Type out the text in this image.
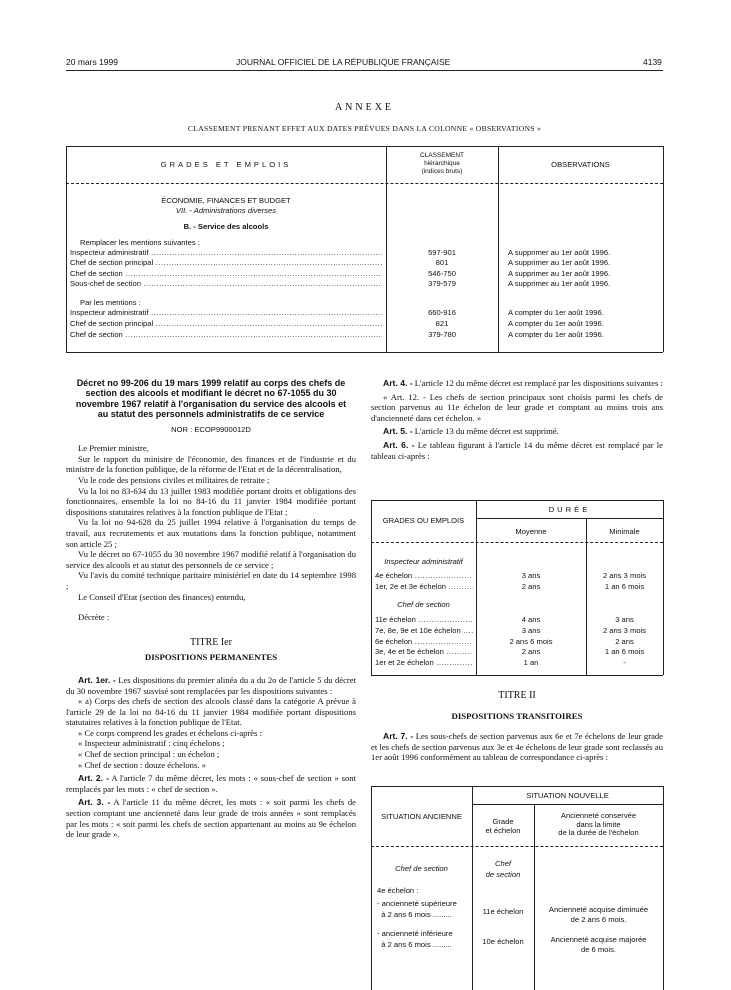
20 mars 1999	JOURNAL OFFICIEL DE LA RÉPUBLIQUE FRANÇAISE	4139
ANNEXE
CLASSEMENT PRENANT EFFET AUX DATES PRÉVUES DANS LA COLONNE « OBSERVATIONS »
GRADES ET EMPLOIS
CLASSEMENT
hiérarchique
(indices bruts)
OBSERVATIONS
ÉCONOMIE, FINANCES ET BUDGET
VII. - Administrations diverses
B. - Service des alcools
Remplacer les mentions suivantes :
Inspecteur administratif .....	597-901	A supprimer au 1er août 1996.
Chef de section principal .....	801	A supprimer au 1er août 1996.
Chef de section .....	546-750	A supprimer au 1er août 1996.
Sous-chef de section .....	379-579	A supprimer au 1er août 1996.
Par les mentions :
Inspecteur administratif .....	660-916	A compter du 1er août 1996.
Chef de section principal .....	821	A compter du 1er août 1996.
Chef de section .....	379-780	A compter du 1er août 1996.
Décret no 99-206 du 19 mars 1999 relatif au corps des chefs de section des alcools et modifiant le décret no 67-1055 du 30 novembre 1967 relatif à l'organisation du service des alcools et au statut des personnels administratifs de ce service
NOR : ECOP9900012D

Le Premier ministre,

Sur le rapport du ministre de l'économie, des finances et de l'industrie et du ministre de la fonction publique, de la réforme de l'Etat et de la décentralisation,

Vu le code des pensions civiles et militaires de retraite ;

Vu la loi no 83-634 du 13 juillet 1983 modifiée portant droits et obligations des fonctionnaires, ensemble la loi no 84-16 du 11 janvier 1984 modifiée portant dispositions statutaires relatives à la fonction publique de l'Etat ;

Vu la loi no 94-628 du 25 juillet 1994 relative à l'organisation du temps de travail, aux recrutements et aux mutations dans la fonction publique, notamment son article 25 ;

Vu le décret no 67-1055 du 30 novembre 1967 modifié relatif à l'organisation du service des alcools et au statut des personnels de ce service ;

Vu l'avis du comité technique paritaire ministériel en date du 14 septembre 1998 ;

Le Conseil d'Etat (section des finances) entendu,

Décrète :

TITRE Ier
DISPOSITIONS PERMANENTES

Art. 1er. - Les dispositions du premier alinéa du a du 2o de l'article 5 du décret du 30 novembre 1967 susvisé sont remplacées par les dispositions suivantes :

« a) Corps des chefs de section des alcools classé dans la catégorie A prévue à l'article 29 de la loi no 84-16 du 11 janvier 1984 modifiée portant dispositions statutaires relatives à la fonction publique de l'Etat.

« Ce corps comprend les grades et échelons ci-après :

« Inspecteur administratif : cinq échelons ;

« Chef de section principal : un échelon ;

« Chef de section : douze échelons. »

Art. 2. - A l'article 7 du même décret, les mots : « sous-chef de section » sont remplacés par les mots : « chef de section ».

Art. 3. - A l'article 11 du même décret, les mots : « soit parmi les chefs de section comptant une ancienneté dans leur grade de trois années » sont remplacés par les mots : « soit parmi les chefs de section appartenant au moins au 9e échelon de leur grade ».

Art. 4. - L'article 12 du même décret est remplacé par les dispositions suivantes :

« Art. 12. - Les chefs de section principaux sont choisis parmi les chefs de section parvenus au 11e échelon de leur grade et comptant au moins trois ans d'ancienneté dans cet échelon. »

Art. 5. - L'article 13 du même décret est supprimé.

Art. 6. - Le tableau figurant à l'article 14 du même décret est remplacé par le tableau ci-après :

GRADES OU EMPLOIS
DURÉE
Moyenne	Minimale
Inspecteur administratif
4e échelon .....	3 ans	2 ans 3 mois
1er, 2e et 3e échelon .....	2 ans	1 an 6 mois
Chef de section
11e échelon .....	4 ans	3 ans
7e, 8e, 9e et 10e échelon .....	3 ans	2 ans 3 mois
6e échelon .....	2 ans 6 mois	2 ans
3e, 4e et 5e échelon .....	2 ans	1 an 6 mois
1er et 2e échelon .....	1 an	-
TITRE II
DISPOSITIONS TRANSITOIRES

Art. 7. - Les sous-chefs de section parvenus aux 6e et 7e échelons de leur grade et les chefs de section parvenus aux 3e et 4e échelons de leur grade sont reclassés au 1er août 1996 conformément au tableau de correspondance ci-après :

SITUATION ANCIENNE
SITUATION NOUVELLE
Grade
et échelon
Ancienneté conservée
dans la limite
de la durée de l'échelon
Chef de section
Chef
de section
4e échelon :
- ancienneté supérieure
à 2 ans 6 mois .........	11e échelon	Ancienneté acquise diminuée
de 2 ans 6 mois.
- ancienneté inférieure
à 2 ans 6 mois .........	10e échelon	Ancienneté acquise majorée
de 6 mois.
